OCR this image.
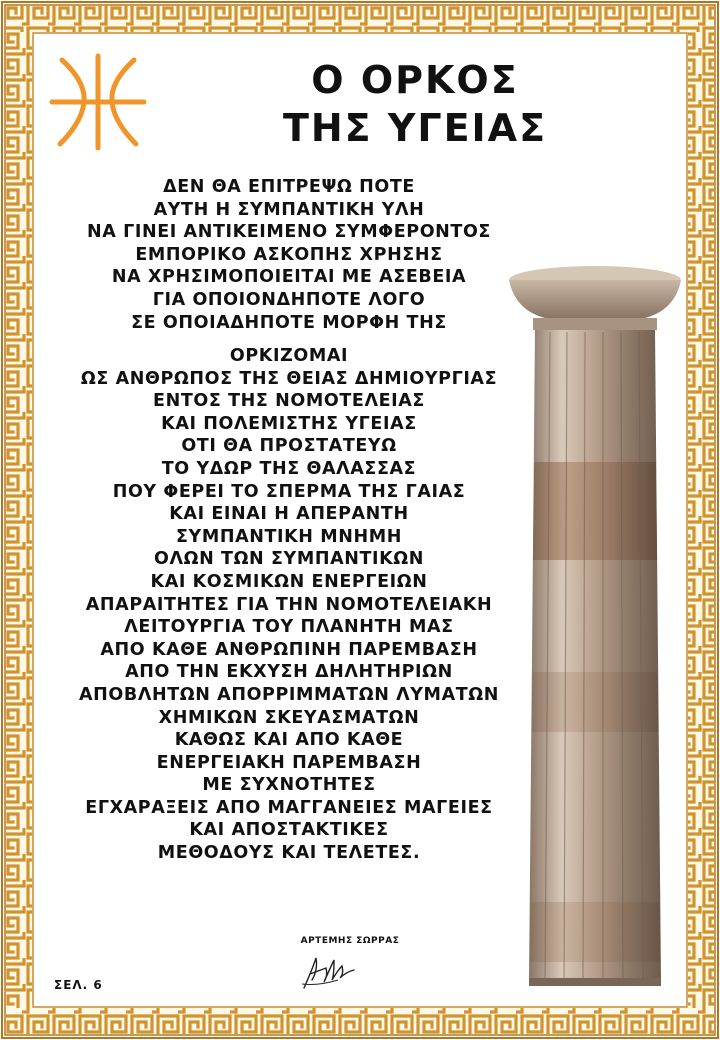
Ο ΟΡΚΟΣ
ΤΗΣ ΥΓΕΙΑΣ
ΔΕΝ ΘΑ ΕΠΙΤΡΕΨΩ ΠΟΤΕ
ΑΥΤΗ Η ΣΥΜΠΑΝΤΙΚΗ ΥΛΗ
ΝΑ ΓΙΝΕΙ ΑΝΤΙΚΕΙΜΕΝΟ ΣΥΜΦΕΡΟΝΤΟΣ
ΕΜΠΟΡΙΚΟ ΑΣΚΟΠΗΣ ΧΡΗΣΗΣ
ΝΑ ΧΡΗΣΙΜΟΠΟΙΕΙΤΑΙ ΜΕ ΑΣΕΒΕΙΑ
ΓΙΑ ΟΠΟΙΟΝΔΗΠΟΤΕ ΛΟΓΟ
ΣΕ ΟΠΟΙΑΔΗΠΟΤΕ ΜΟΡΦΗ ΤΗΣ
ΟΡΚΙΖΟΜΑΙ
ΩΣ ΑΝΘΡΩΠΟΣ ΤΗΣ ΘΕΙΑΣ ΔΗΜΙΟΥΡΓΙΑΣ
ΕΝΤΟΣ ΤΗΣ ΝΟΜΟΤΕΛΕΙΑΣ
ΚΑΙ ΠΟΛΕΜΙΣΤΗΣ ΥΓΕΙΑΣ
ΟΤΙ ΘΑ ΠΡΟΣΤΑΤΕΥΩ
ΤΟ ΥΔΩΡ ΤΗΣ ΘΑΛΑΣΣΑΣ
ΠΟΥ ΦΕΡΕΙ ΤΟ ΣΠΕΡΜΑ ΤΗΣ ΓΑΙΑΣ
ΚΑΙ ΕΙΝΑΙ Η ΑΠΕΡΑΝΤΗ
ΣΥΜΠΑΝΤΙΚΗ ΜΝΗΜΗ
ΟΛΩΝ ΤΩΝ ΣΥΜΠΑΝΤΙΚΩΝ
ΚΑΙ ΚΟΣΜΙΚΩΝ ΕΝΕΡΓΕΙΩΝ
ΑΠΑΡΑΙΤΗΤΕΣ ΓΙΑ ΤΗΝ ΝΟΜΟΤΕΛΕΙΑΚΗ
ΛΕΙΤΟΥΡΓΙΑ ΤΟΥ ΠΛΑΝΗΤΗ ΜΑΣ
ΑΠΟ ΚΑΘΕ ΑΝΘΡΩΠΙΝΗ ΠΑΡΕΜΒΑΣΗ
ΑΠΟ ΤΗΝ ΕΚΧΥΣΗ ΔΗΛΗΤΗΡΙΩΝ
ΑΠΟΒΛΗΤΩΝ ΑΠΟΡΡΙΜΜΑΤΩΝ ΛΥΜΑΤΩΝ
ΧΗΜΙΚΩΝ ΣΚΕΥΑΣΜΑΤΩΝ
ΚΑΘΩΣ ΚΑΙ ΑΠΟ ΚΑΘΕ
ΕΝΕΡΓΕΙΑΚΗ ΠΑΡΕΜΒΑΣΗ
ΜΕ ΣΥΧΝΟΤΗΤΕΣ
ΕΓΧΑΡΑΞΕΙΣ ΑΠΟ ΜΑΓΓΑΝΕΙΕΣ ΜΑΓΕΙΕΣ
ΚΑΙ ΑΠΟΣΤΑΚΤΙΚΕΣ
ΜΕΘΟΔΟΥΣ ΚΑΙ ΤΕΛΕΤΕΣ.
ΑΡΤΕΜΗΣ ΣΩΡΡΑΣ
ΣΕΛ. 6
